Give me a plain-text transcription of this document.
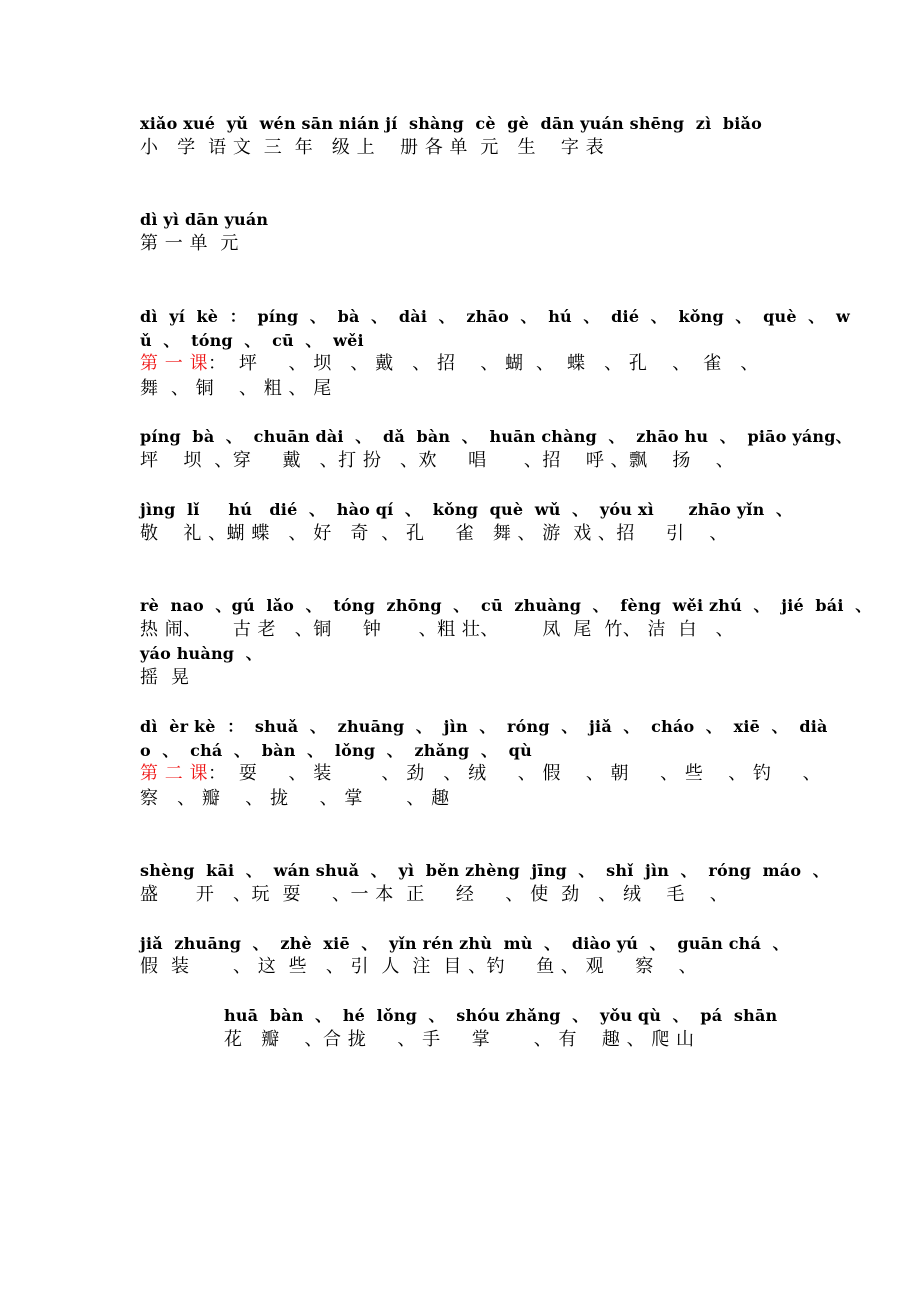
xiǎo xué  yǔ  wén sān nián jí  shàng  cè  gè  dān yuán shēng  zì  biǎo
小   学  语 文  三  年   级 上    册 各 单  元   生    字 表
dì yì dān yuán
第 一 单  元
dì  yí  kè  ：  píng  、  bà  、  dài  、  zhāo  、  hú  、  dié  、  kǒng  、  què  、  w
ǔ  、  tóng  、  cū  、  wěi
第 一 课：  坪     、 坝   、 戴   、 招    、 蝴  、  蝶   、 孔    、  雀   、
舞  、 铜    、 粗 、 尾
píng  bà  、  chuān dài  、  dǎ  bàn  、  huān chàng  、  zhāo hu  、  piāo yáng、
坪    坝  、穿     戴   、打 扮   、欢     唱      、招    呼 、飘    扬    、
jìng  lǐ     hú   dié  、  hào qí  、  kǒng  què  wǔ  、  yóu xì      zhāo yǐn  、
敬    礼 、蝴 蝶   、 好   奇  、 孔     雀   舞 、 游  戏 、招     引    、
rè  nao  、gú  lǎo  、  tóng  zhōng  、  cū  zhuàng  、  fèng  wěi zhú  、  jié  bái  、
热 闹、     古 老   、铜     钟      、粗 壮、       凤  尾  竹、 洁  白   、
yáo huàng  、
摇  晃
dì  èr kè  ：  shuǎ  、  zhuāng  、  jìn  、  róng  、  jiǎ  、  cháo  、  xiē  、  dià
o  、  chá  、  bàn  、  lǒng  、  zhǎng  、  qù
第 二 课：  耍     、 装        、 劲   、 绒     、 假    、 朝     、 些    、 钓     、
察   、 瓣    、 拢     、 掌       、 趣
shèng  kāi  、  wán shuǎ  、  yì  běn zhèng  jīng  、  shǐ  jìn  、  róng  máo  、
盛      开   、玩  耍     、一 本  正     经     、 使  劲   、 绒    毛    、
jiǎ  zhuāng  、  zhè  xiē  、  yǐn rén zhù  mù  、  diào yú  、  guān chá  、
假  装       、 这  些   、 引  人  注  目 、钓     鱼 、 观     察    、
huā  bàn  、  hé  lǒng  、  shóu zhǎng  、  yǒu qù  、  pá  shān
花   瓣    、合 拢     、 手     掌       、 有    趣 、 爬 山
